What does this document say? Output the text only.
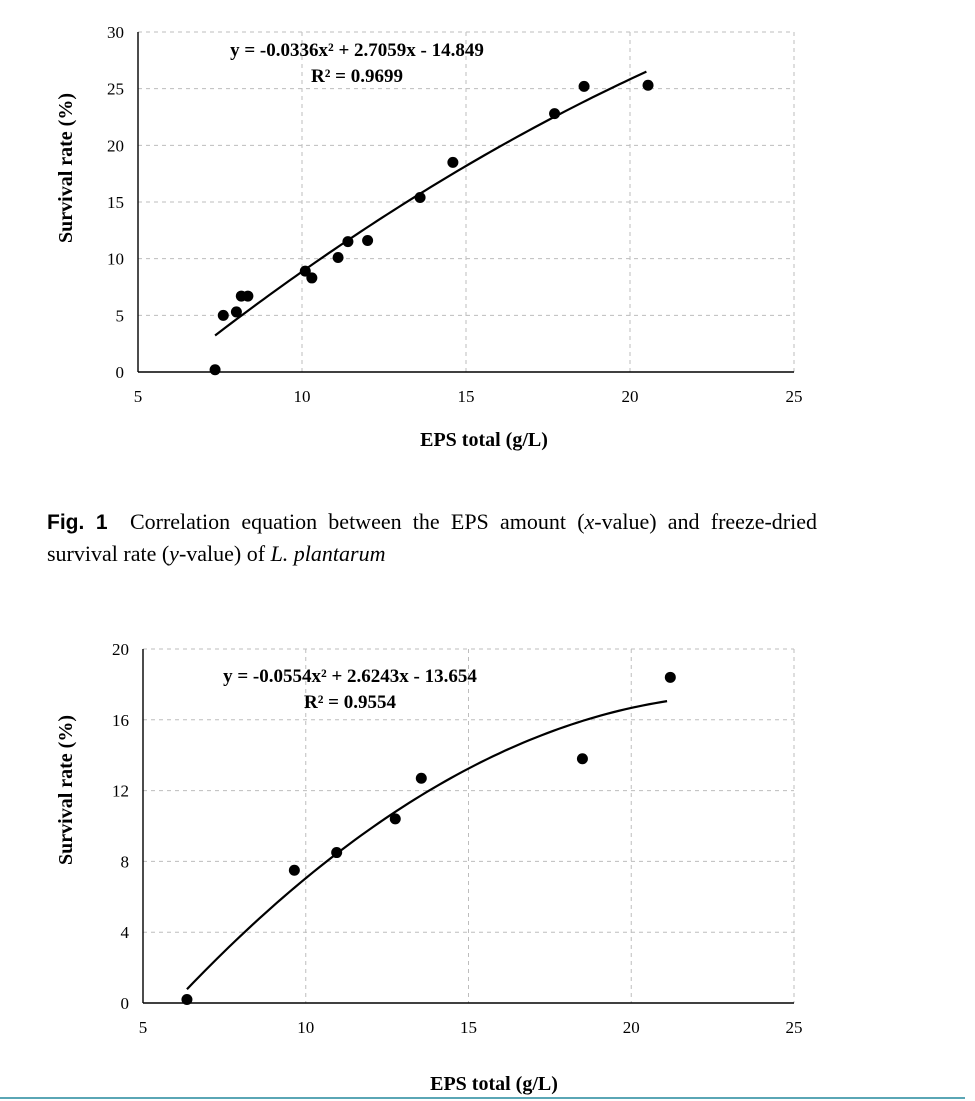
0
5
10
15
20
25
30
5	10	15	20	25
y = -0.0336x² + 2.7059x - 14.849
R² = 0.9699
Survival rate (%)
EPS total (g/L)
Fig. 1 Correlation equation between the EPS amount (x-value) and freeze-dried survival rate (y-value) of L. plantarum
0
4
8
12
16
20
5	10	15	20	25
y = -0.0554x² + 2.6243x - 13.654
R² = 0.9554
Survival rate (%)
EPS total (g/L)
